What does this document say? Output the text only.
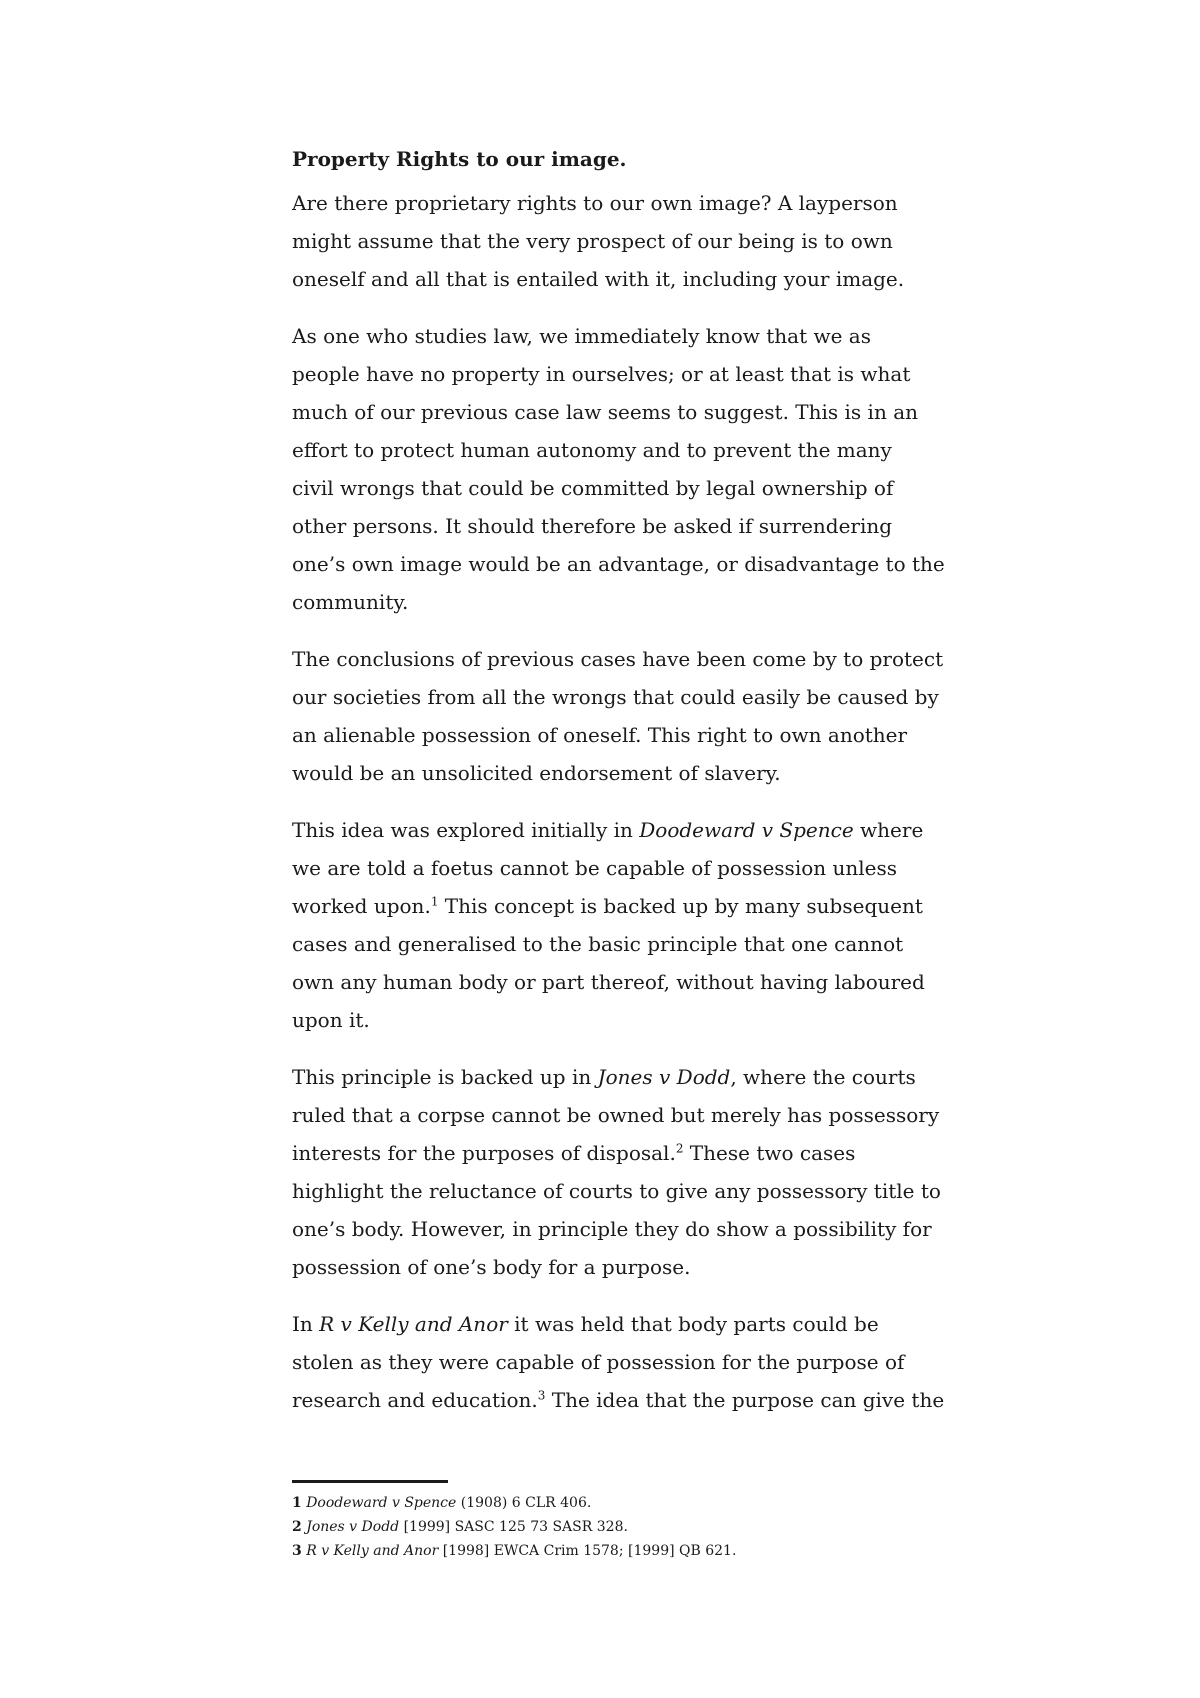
Property Rights to our image.

Are there proprietary rights to our own image? A layperson
might assume that the very prospect of our being is to own
oneself and all that is entailed with it, including your image.

As one who studies law, we immediately know that we as
people have no property in ourselves; or at least that is what
much of our previous case law seems to suggest. This is in an
effort to protect human autonomy and to prevent the many
civil wrongs that could be committed by legal ownership of
other persons. It should therefore be asked if surrendering
one’s own image would be an advantage, or disadvantage to the
community.

The conclusions of previous cases have been come by to protect
our societies from all the wrongs that could easily be caused by
an alienable possession of oneself. This right to own another
would be an unsolicited endorsement of slavery.

This idea was explored initially in Doodeward v Spence where
we are told a foetus cannot be capable of possession unless
worked upon.$^1$ This concept is backed up by many subsequent
cases and generalised to the basic principle that one cannot
own any human body or part thereof, without having laboured
upon it.

This principle is backed up in Jones v Dodd, where the courts
ruled that a corpse cannot be owned but merely has possessory
interests for the purposes of disposal.$^2$ These two cases
highlight the reluctance of courts to give any possessory title to
one’s body. However, in principle they do show a possibility for
possession of one’s body for a purpose.

In R v Kelly and Anor it was held that body parts could be
stolen as they were capable of possession for the purpose of
research and education.$^3$ The idea that the purpose can give the

1 Doodeward v Spence (1908) 6 CLR 406.
2 Jones v Dodd [1999] SASC 125 73 SASR 328.
3 R v Kelly and Anor [1998] EWCA Crim 1578; [1999] QB 621.
